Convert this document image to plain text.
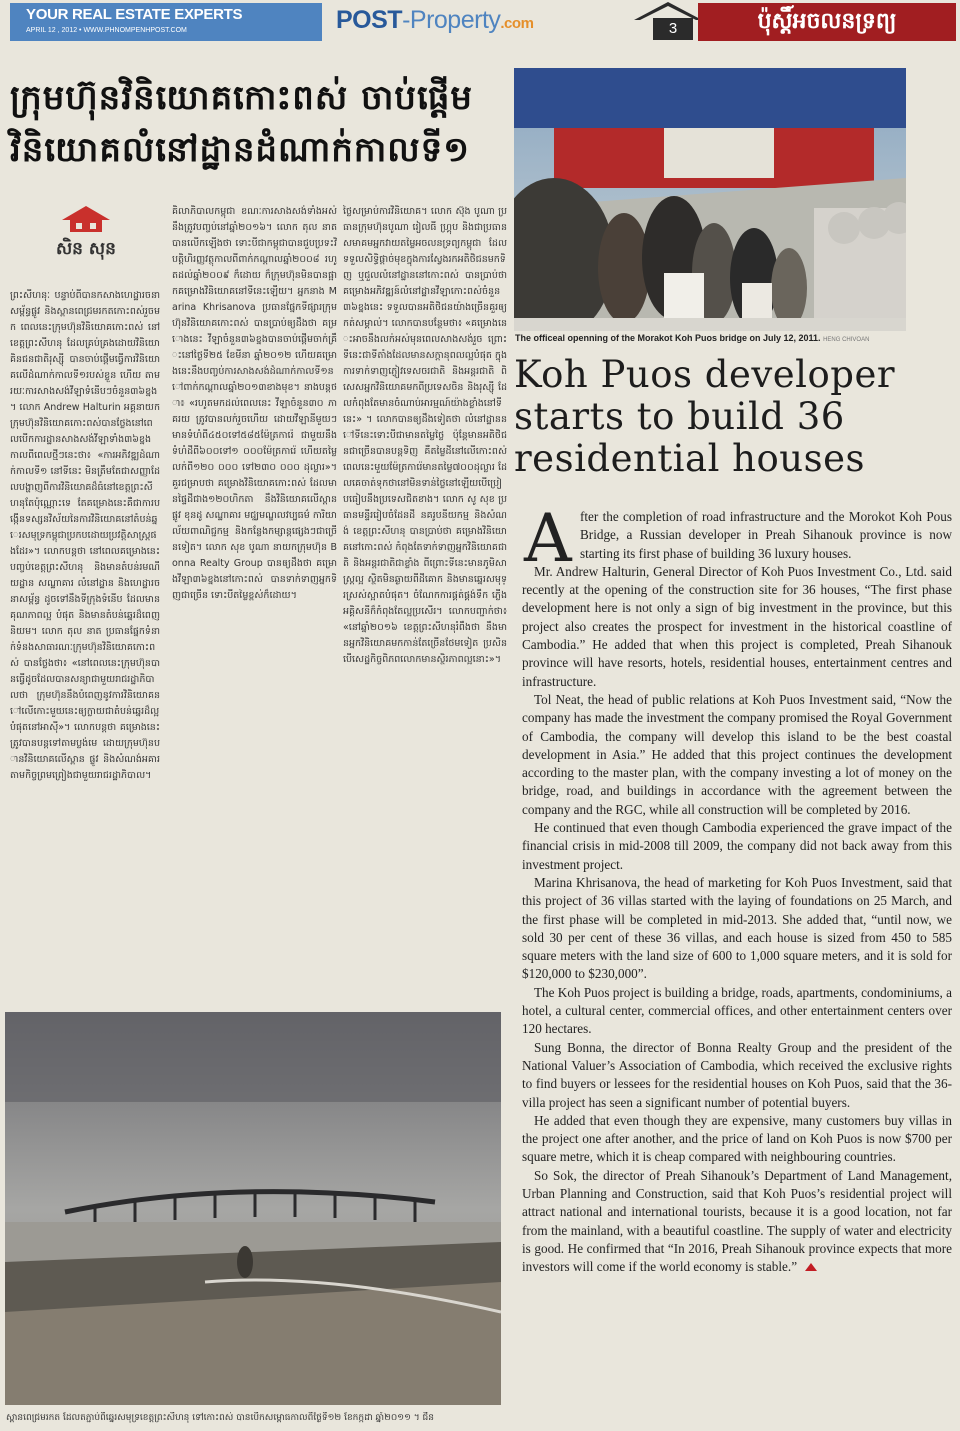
YOUR REAL ESTATE EXPERTS
APRIL 12 , 2012 • WWW.PHNOMPENHPOST.COM	POST-Property.com	3	ប៉ុស្តិ៍អចលនទ្រព្យ
ក្រុមហ៊ុនវិនិយោគកោះពស់ ចាប់ផ្ដើមវិនិយោគលំនៅដ្ឋានដំណាក់កាលទី១
សិន សុន
ព្រះសីហនុៈ បន្ទាប់ពីបានកសាងហេដ្ឋារចនាសម្ព័ន្ធផ្លូវ និងស្ពានពេជ្រមរកតកោះពស់រួចមក ពេលនេះក្រុមហ៊ុនវិនិយោគកោះពស់ នៅខេត្តព្រះសីហនុ ដែលគ្រប់គ្រងដោយវិនិយោគិនជនជាតិរុស្ស៊ី បានចាប់ផ្ដើមធ្វើការវិនិយោគលើដំណាក់កាលទី១របស់ខ្លួន ហើយ តាមរយៈការសាងសង់វីឡាទំនើបៗចំនួន៣៦ខ្នង។ លោក Andrew Halturin អគ្គនាយកក្រុមហ៊ុនវិនិយោគកោះពស់បានថ្លែងនៅពេលបើកការដ្ឋានសាងសង់វីឡាទាំង៣៦ខ្នង កាលពីពេលថ្មីៗនេះថា៖ «ការអភិវឌ្ឍដំណាក់កាលទី១ នៅទីនេះ មិនត្រឹមតែជាសញ្ញាដែលបង្ហាញពីការវិនិយោគដ៏ធំនៅខេត្តព្រះសីហនុតែប៉ុណ្ណោះទេ តែគម្រោងនេះគឺជាការបង្កើនទស្សនវិស័យនៃការវិនិយោគនៅតំបន់ឆ្នេរសមុទ្រកម្ពុជាប្រកបដោយប្រវត្តិសាស្ត្រផងដែរ»។ លោកបន្តថា នៅពេលគម្រោងនេះបញ្ចប់ខេត្តព្រះសីហនុ និងមានតំបន់រមណីយដ្ឋាន សណ្ឋាគារ លំនៅដ្ឋាន និងហេដ្ឋារចនាសម្ព័ន្ធ ដូចទៅនឹងទីក្រុងទំនើប ដែលមានគុណភាពល្អ បំផុត និងមានតំបន់ឆ្នេរដ៏ពេញនិយម។ លោក តុល នាត ប្រធានផ្នែកទំនាក់ទំនងសាធារណៈក្រុមហ៊ុនវិនិយោគកោះពស់ បានថ្លែងថា៖ «នៅពេលនេះក្រុមហ៊ុនបានធ្វើដូចដែលបានសន្យាជាមួយរាជរដ្ឋាភិបាលថា ក្រុមហ៊ុននឹងបំពេញនូវការវិនិយោគនៅលើកោះមួយនេះឲ្យក្លាយជាតំបន់ឆ្នេរដ៏ល្អបំផុតនៅអាស៊ី»។ លោកបន្តថា គម្រោងនេះត្រូវបានបន្តទៅតាមប្លង់មេ ដោយក្រុមហ៊ុនបានវិនិយោគលើស្ពាន ផ្លូវ និងសំណង់អគារ តាមកិច្ចព្រមព្រៀងជាមួយរាជរដ្ឋាភិបាល។
គិលាភិបាលកម្ពុជា ខណៈការសាងសង់ទាំងអស់នឹងត្រូវបញ្ចប់នៅឆ្នាំ២០១៦។ លោក តុល នាត បានលើកឡើងថា ទោះបីជាកម្ពុជាបានជួបប្រទះវិបត្តិហិរញ្ញវត្ថុកាលពីពាក់កណ្ដាលឆ្នាំ២០០៨ រហូតដល់ឆ្នាំ២០០៩ ក៏ដោយ ក៏ក្រុមហ៊ុនមិនបានផ្អាកគម្រោងវិនិយោគនៅទីនេះឡើយ។ អ្នកនាង Marina Khrisanova ប្រធានផ្នែកទីផ្សារក្រុមហ៊ុនវិនិយោគកោះពស់ បានប្រាប់ឲ្យដឹងថា គម្រោងនេះ វីឡាចំនួន៣៦ខ្នងបានចាប់ផ្ដើមចាក់គ្រឹះនៅថ្ងៃទី២៥ ខែមីនា ឆ្នាំ២០១២ ហើយគម្រោងនេះនឹងបញ្ចប់ការសាងសង់ដំណាក់កាលទី១នៅពាក់កណ្ដាលឆ្នាំ២០១៣ខាងមុខ។ នាងបន្តថា៖ «រហូតមកដល់ពេលនេះ វីឡាចំនួន៣០ ភាគរយ ត្រូវបានលក់រួចហើយ ដោយវីឡានីមួយៗមានទំហំពី៤៥០ទៅ៥៨៥ម៉ែត្រការ៉េ ជាមួយនឹងទំហំដីពី៦០០ទៅ១ ០០០ម៉ែត្រការ៉េ ហើយតម្លៃលក់ពី១២០ ០០០ ទៅ២៣០ ០០០ ដុល្លារ»។ គួរជម្រាបថា គម្រោងវិនិយោគកោះពស់ ដែលមានផ្ទៃដីជាង១២០ហិកតា នឹងវិនិយោគលើស្ពាន ផ្លូវ ខុនដូ សណ្ឋាគារ មជ្ឈមណ្ឌលវប្បធម៌ ការិយាល័យពាណិជ្ជកម្ម និងកន្លែងកម្សាន្តផ្សេងៗជាច្រើនទៀត។ លោក សុខ បូណា នាយកក្រុមហ៊ុន Bonna Realty Group បានឲ្យដឹងថា គម្រោងវីឡា៣៦ខ្នងនៅកោះពស់ បានទាក់ទាញអ្នកទិញជាច្រើន ទោះបីតម្លៃខ្ពស់ក៏ដោយ។
ថ្លៃសម្រាប់ការវិនិយោគ។ លោក ស៊ុង បូណា ប្រធានក្រុមហ៊ុនបូណា រៀលធី ហ្គ្រុប និងជាប្រធានសមាគមអ្នកវាយតម្លៃអចលនទ្រព្យកម្ពុជា ដែលទទួលសិទ្ធិផ្ដាច់មុខក្នុងការស្វែងរកអតិថិជនមកទិញ ឬជួលលំនៅដ្ឋាននៅកោះពស់ បានប្រាប់ថា គម្រោងអភិវឌ្ឍន៍លំនៅដ្ឋានវីឡាកោះពស់ចំនួន៣៦ខ្នងនេះ ទទួលបានអតិថិជនយ៉ាងច្រើនគួរឲ្យកត់សម្គាល់។ លោកបានបន្ថែមថា៖ «គម្រោងនេះអាចនឹងលក់អស់មុនពេលសាងសង់រួច ព្រោះទីនេះជាទីតាំងដែលមានសក្ដានុពលល្អបំផុត ក្នុងការទាក់ទាញភ្ញៀវទេសចរជាតិ និងអន្តរជាតិ ពិសេសអ្នកវិនិយោគមកពីប្រទេសចិន និងរុស្ស៊ី ដែលកំពុងតែមានចំណាប់អារម្មណ៍យ៉ាងខ្លាំងនៅទីនេះ» ។ លោកបានឲ្យដឹងទៀតថា លំនៅដ្ឋាននៅទីនេះទោះបីជាមានតម្លៃថ្លៃ ប៉ុន្តែមានអតិថិជនជាច្រើនបានបន្តទិញ គឺតម្លៃដីនៅលើកោះពស់ពេលនេះមួយម៉ែត្រការ៉េមានតម្លៃ៧០០ដុល្លារ ដែលគេចាត់ទុកថានៅមិនទាន់ថ្លៃនៅឡើយបើប្រៀបធៀបនឹងប្រទេសជិតខាង។ លោក សូ សុខ ប្រធានមន្ទីររៀបចំដែនដី នគរូបនីយកម្ម និងសំណង់ ខេត្តព្រះសីហនុ បានប្រាប់ថា គម្រោងវិនិយោគនៅកោះពស់ កំពុងតែទាក់ទាញអ្នកវិនិយោគជាតិ និងអន្តរជាតិជាខ្លាំង ពីព្រោះទីនេះមានភូមិសាស្ត្រល្អ ស្ថិតមិនឆ្ងាយពីដីគោក និងមានឆ្នេរសមុទ្រស្រស់ស្អាតបំផុត។ ចំណែកការផ្គត់ផ្គង់ទឹក ភ្លើងអគ្គិសនីក៏កំពុងតែល្អប្រសើរ។ លោកបញ្ជាក់ថា៖ «នៅឆ្នាំ២០១៦ ខេត្តព្រះសីហនុរំពឹងថា នឹងមានអ្នកវិនិយោគមកកាន់តែច្រើនថែមទៀត ប្រសិនបើសេដ្ឋកិច្ចពិភពលោកមានស្ថិរភាពល្អនោះ»។
The officeal openning of the Morakot Koh Puos bridge on July 12, 2011. HENG CHIVOAN
Koh Puos developer starts to build 36 residential houses
A fter the completion of road infrastructure and the Morokot Koh Pous Bridge, a Russian developer in Preah Sihanouk province is now starting its first phase of building 36 luxury houses.

Mr. Andrew Halturin, General Director of Koh Puos Investment Co., Ltd. said recently at the opening of the construction site for 36 houses, “The first phase development here is not only a sign of big investment in the province, but this project also creates the prospect for investment in the historical coastline of Cambodia.” He added that when this project is completed, Preah Sihanouk province will have resorts, hotels, residential houses, entertainment centres and infrastructure.

Tol Neat, the head of public relations at Koh Puos Investment said, “Now the company has made the investment the company promised the Royal Government of Cambodia, the company will develop this island to be the best coastal development in Asia.” He added that this project continues the development according to the master plan, with the company investing a lot of money on the bridge, road, and buildings in accordance with the agreement between the company and the RGC, while all construction will be completed by 2016.

He continued that even though Cambodia experienced the grave impact of the financial crisis in mid-2008 till 2009, the company did not back away from this investment project.

Marina Khrisanova, the head of marketing for Koh Puos Investment, said that this project of 36 villas started with the laying of foundations on 25 March, and the first phase will be completed in mid-2013. She added that, “until now, we sold 30 per cent of these 36 villas, and each house is sized from 450 to 585 square meters with the land size of 600 to 1,000 square meters, and it is sold for $120,000 to $230,000”.

The Koh Puos project is building a bridge, roads, apartments, condominiums, a hotel, a cultural center, commercial offices, and other entertainment centers over 120 hectares.

Sung Bonna, the director of Bonna Realty Group and the president of the National Valuer’s Association of Cambodia, which received the exclusive rights to find buyers or lessees for the residential houses on Koh Puos, said that the 36-villa project has seen a significant number of potential buyers.

He added that even though they are expensive, many customers buy villas in the project one after another, and the price of land on Koh Puos is now $700 per square metre, which it is cheap compared with neighbouring countries.

So Sok, the director of Preah Sihanouk’s Department of Land Management, Urban Planning and Construction, said that Koh Puos’s residential project will attract national and international tourists, because it is a good location, not far from the mainland, with a beautiful coastline. The supply of water and electricity is good. He confirmed that “In 2016, Preah Sihanouk province expects that more investors will come if the world economy is stable.”

ស្ពានពេជ្រមរកត ដែលតភ្ជាប់ពីឆ្នេរសមុទ្រខេត្តព្រះសីហនុ ទៅកោះពស់ បានបើកសម្ពោធកាលពីថ្ងៃទី១២ ខែកក្កដា ឆ្នាំ២០១១ ។ ជីន
